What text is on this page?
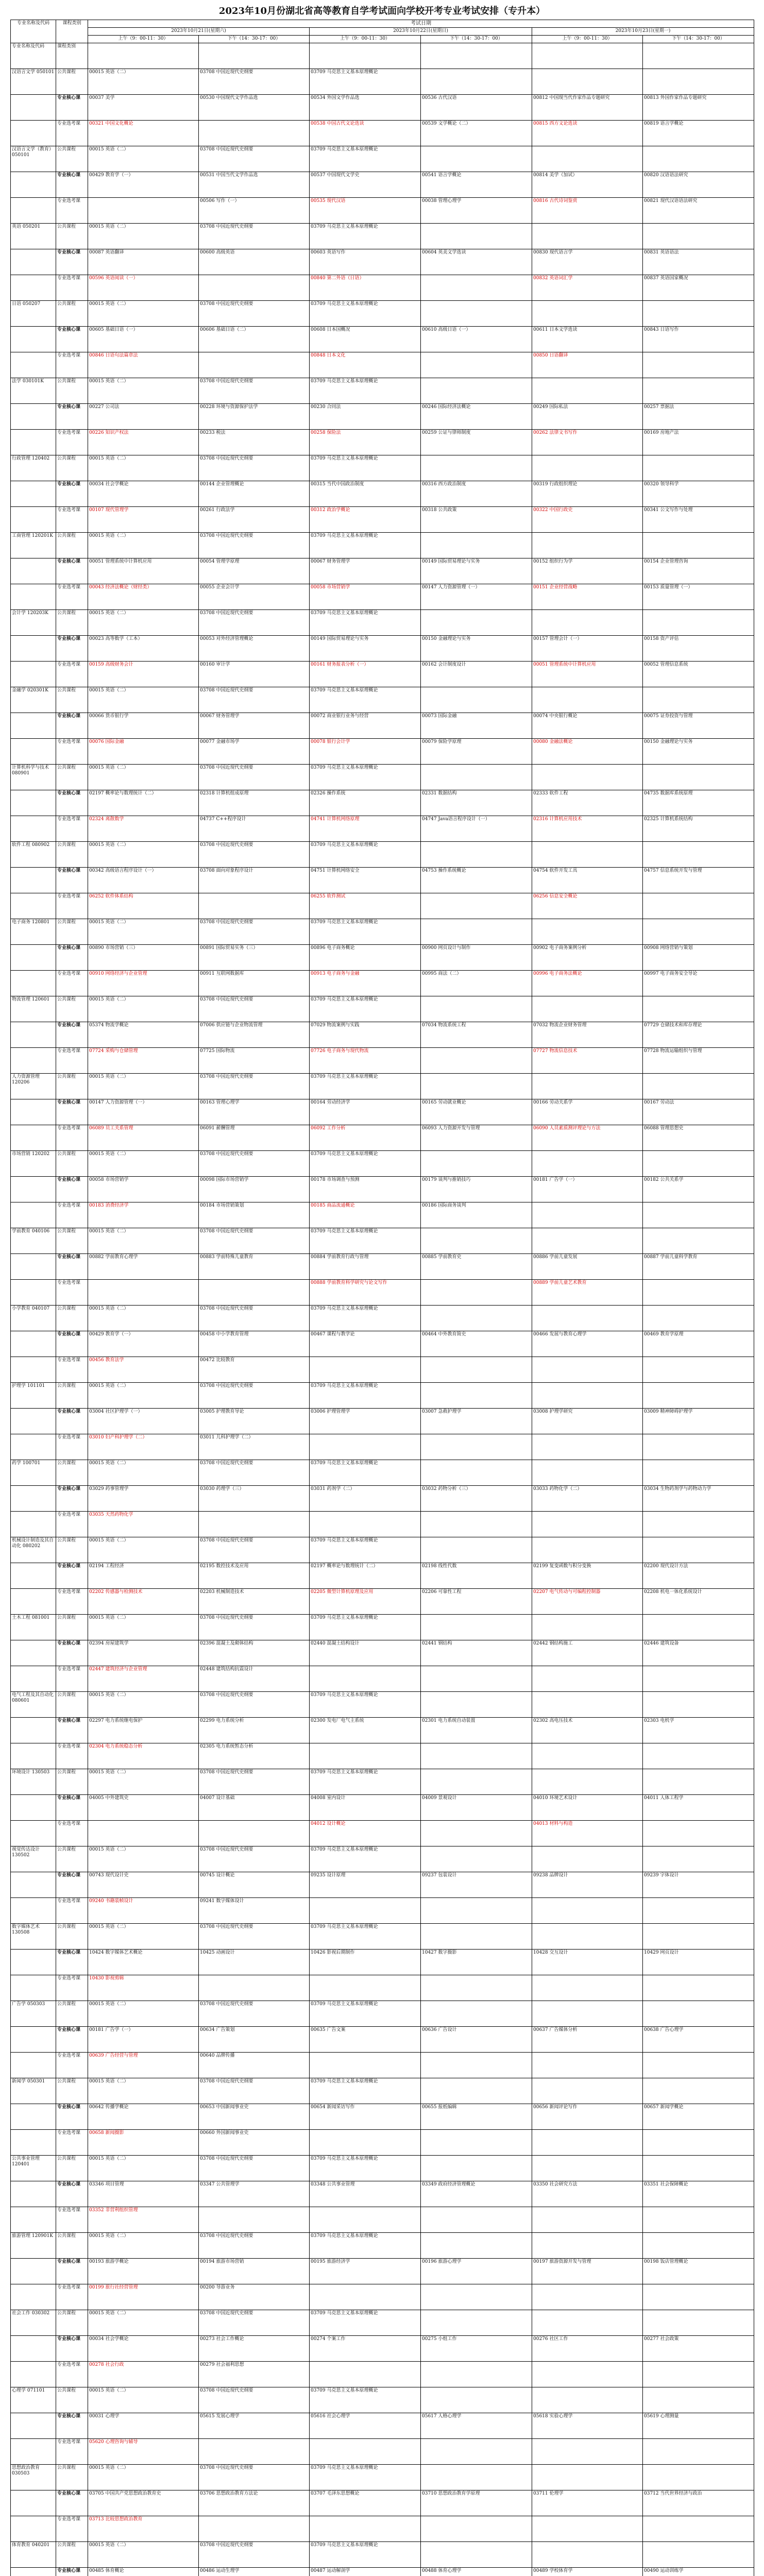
2023年10月份湖北省高等教育自学考试面向学校开考专业考试安排（专升本）
专业名称及代码	课程类别	考试日期					
		2023年10月21日(星期六)		2023年10月22日(星期日)		2023年10月23日(星期一)	
		上午（9：00-11：30）	下午（14：30-17：00）	上午（9：00-11：30）	下午（14：30-17：00）	上午（9：00-11：30）	下午（14：30-17：00）
专业名称及代码	课程类别						
汉语言文学 050101	公共课程	00015 英语（二）	03708 中国近现代史纲要	03709 马克思主义基本原理概论			
	专业核心课	00037 美学	00530 中国现代文学作品选	00534 外国文学作品选	00536 古代汉语	00812 中国现当代作家作品专题研究	00813 外国作家作品专题研究
	专业选考课	00321 中国文化概论		00538 中国古代文论选读	00539 文学概论（二）	00815 西方文论选读	00819 语言学概论
汉语言文学（教育）050101	公共课程	00015 英语（二）	03708 中国近现代史纲要	03709 马克思主义基本原理概论			
	专业核心课	00429 教育学（一）	00531 中国当代文学作品选	00537 中国现代文学史	00541 语言学概论	00814 美学（加试）	00820 汉语语法研究
	专业选考课		00506 写作（一）	00535 现代汉语	00038 管理心理学	00816 古代诗词鉴赏	00821 现代汉语语法研究
英语 050201	公共课程	00015 英语（二）	03708 中国近现代史纲要	03709 马克思主义基本原理概论			
	专业核心课	00087 英语翻译	00600 高级英语	00603 英语写作	00604 英美文学选读	00830 现代语言学	00831 英语语法
	专业选考课	00596 英语阅读（一）		00840 第二外语（日语）		00832 英语词汇学	00837 英语国家概况
日语 050207	公共课程	00015 英语（二）	03708 中国近现代史纲要	03709 马克思主义基本原理概论			
	专业核心课	00605 基础日语（一）	00606 基础日语（二）	00608 日本国概况	00610 高级日语（一）	00611 日本文学选读	00843 日语写作
	专业选考课	00846 日语句法篇章法		00848 日本文化		00850 日语翻译	
法学 030101K	公共课程	00015 英语（二）	03708 中国近现代史纲要	03709 马克思主义基本原理概论			
	专业核心课	00227 公司法	00228 环境与资源保护法学	00230 合同法	00246 国际经济法概论	00249 国际私法	00257 票据法
	专业选考课	00226 知识产权法	00233 税法	00258 保险法	00259 公证与律师制度	00262 法律文书写作	00169 房地产法
行政管理 120402	公共课程	00015 英语（二）	03708 中国近现代史纲要	03709 马克思主义基本原理概论			
	专业核心课	00034 社会学概论	00144 企业管理概论	00315 当代中国政治制度	00316 西方政治制度	00319 行政组织理论	00320 领导科学
	专业选考课	00107 现代管理学	00261 行政法学	00312 政治学概论	00318 公共政策	00322 中国行政史	00341 公文写作与处理
工商管理 120201K	公共课程	00015 英语（二）	03708 中国近现代史纲要	03709 马克思主义基本原理概论			
	专业核心课	00051 管理系统中计算机应用	00054 管理学原理	00067 财务管理学	00149 国际贸易理论与实务	00152 组织行为学	00154 企业管理咨询
	专业选考课	00043 经济法概论（财经类）	00055 企业会计学	00058 市场营销学	00147 人力资源管理（一）	00151 企业经营战略	00153 质量管理（一）
会计学 120203K	公共课程	00015 英语（二）	03708 中国近现代史纲要	03709 马克思主义基本原理概论			
	专业核心课	00023 高等数学（工本）	00053 对外经济管理概论	00149 国际贸易理论与实务	00150 金融理论与实务	00157 管理会计（一）	00158 资产评估
	专业选考课	00159 高级财务会计	00160 审计学	00161 财务报表分析（一）	00162 会计制度设计	00051 管理系统中计算机应用	00052 管理信息系统
金融学 020301K	公共课程	00015 英语（二）	03708 中国近现代史纲要	03709 马克思主义基本原理概论			
	专业核心课	00066 货币银行学	00067 财务管理学	00072 商业银行业务与经营	00073 国际金融	00074 中央银行概论	00075 证券投资与管理
	专业选考课	00076 国际金融	00077 金融市场学	00078 银行会计学	00079 保险学原理	00080 金融法概论	00150 金融理论与实务
计算机科学与技术 080901	公共课程	00015 英语（二）	03708 中国近现代史纲要	03709 马克思主义基本原理概论			
	专业核心课	02197 概率论与数理统计（二）	02318 计算机组成原理	02326 操作系统	02331 数据结构	02333 软件工程	04735 数据库系统原理
	专业选考课	02324 离散数学	04737 C++程序设计	04741 计算机网络原理	04747 Java语言程序设计（一）	02316 计算机应用技术	02325 计算机系统结构
软件工程 080902	公共课程	00015 英语（二）	03708 中国近现代史纲要	03709 马克思主义基本原理概论			
	专业核心课	00342 高级语言程序设计（一）	03708 面向对象程序设计	04751 计算机网络安全	04753 操作系统概论	04754 软件开发工具	04757 信息系统开发与管理
	专业选考课	06252 软件体系结构		06255 软件测试		06256 信息安全概论	
电子商务 120801	公共课程	00015 英语（二）	03708 中国近现代史纲要	03709 马克思主义基本原理概论			
	专业核心课	00890 市场营销（三）	00891 国际贸易实务（三）	00896 电子商务概论	00900 网页设计与制作	00902 电子商务案例分析	00908 网络营销与策划
	专业选考课	00910 网络经济与企业管理	00911 互联网数据库	00913 电子商务与金融	00995 商法（二）	00996 电子商务法概论	00997 电子商务安全导论
物流管理 120601	公共课程	00015 英语（二）	03708 中国近现代史纲要	03709 马克思主义基本原理概论			
	专业核心课	05374 物流学概论	07006 供应链与企业物流管理	07029 物流案例与实践	07034 物流系统工程	07032 物流企业财务管理	07729 仓储技术和库存理论
	专业选考课	07724 采购与仓储管理	07725 国际物流	07726 电子商务与现代物流		07727 物流信息技术	07728 物流运输组织与管理
人力资源管理 120206	公共课程	00015 英语（二）	03708 中国近现代史纲要	03709 马克思主义基本原理概论			
	专业核心课	00147 人力资源管理（一）	00163 管理心理学	00164 劳动经济学	00165 劳动就业概论	00166 劳动关系学	00167 劳动法
	专业选考课	06089 员工关系管理	06091 薪酬管理	06092 工作分析	06093 人力资源开发与管理	06090 人员素质测评理论与方法	06088 管理思想史
市场营销 120202	公共课程	00015 英语（二）	03708 中国近现代史纲要	03709 马克思主义基本原理概论			
	专业核心课	00058 市场营销学	00098 国际市场营销学	00178 市场调查与预测	00179 谈判与推销技巧	00181 广告学（一）	00182 公共关系学
	专业选考课	00183 消费经济学	00184 市场营销策划	00185 商品流通概论	00186 国际商务谈判		
学前教育 040106	公共课程	00015 英语（二）	03708 中国近现代史纲要	03709 马克思主义基本原理概论			
	专业核心课	00882 学前教育心理学	00883 学前特殊儿童教育	00884 学前教育行政与管理	00885 学前教育史	00886 学前儿童发展	00887 学前儿童科学教育
	专业选考课			00888 学前教育科学研究与论文写作		00889 学前儿童艺术教育	
小学教育 040107	公共课程	00015 英语（二）	03708 中国近现代史纲要	03709 马克思主义基本原理概论			
	专业核心课	00429 教育学（一）	00458 中小学教育管理	00467 课程与教学论	00464 中外教育简史	00466 发展与教育心理学	00469 教育学原理
	专业选考课	00456 教育法学	00472 比较教育				
护理学 101101	公共课程	00015 英语（二）	03708 中国近现代史纲要	03709 马克思主义基本原理概论			
	专业核心课	03004 社区护理学（一）	03005 护理教育导论	03006 护理管理学	03007 急救护理学	03008 护理学研究	03009 精神障碍护理学
	专业选考课	03010 妇产科护理学（二）	03011 儿科护理学（二）				
药学 100701	公共课程	00015 英语（二）	03708 中国近现代史纲要	03709 马克思主义基本原理概论			
	专业核心课	03029 药事管理学	03030 药理学（三）	03031 药剂学（二）	03032 药物分析（三）	03033 药物化学（二）	03034 生物药剂学与药物动力学
	专业选考课	03035 天然药物化学					
机械设计制造及其自动化 080202	公共课程	00015 英语（二）	03708 中国近现代史纲要	03709 马克思主义基本原理概论			
	专业核心课	02194 工程经济	02195 数控技术及应用	02197 概率论与数理统计（二）	02198 线性代数	02199 复变函数与积分变换	02200 现代设计方法
	专业选考课	02202 传感器与检测技术	02203 机械制造技术	02205 微型计算机原理及应用	02206 可靠性工程	02207 电气传动与可编程控制器	02208 机电一体化系统设计
土木工程 081001	公共课程	00015 英语（二）	03708 中国近现代史纲要	03709 马克思主义基本原理概论			
	专业核心课	02394 房屋建筑学	02396 混凝土及砌体结构	02440 混凝土结构设计	02441 钢结构	02442 钢结构施工	02446 建筑设备
	专业选考课	02447 建筑经济与企业管理	02448 建筑结构抗震设计				
电气工程及其自动化 080601	公共课程	00015 英语（二）	03708 中国近现代史纲要	03709 马克思主义基本原理概论			
	专业核心课	02297 电力系统继电保护	02299 电力系统分析	02300 发电厂电气主系统	02301 电力系统自动装置	02302 高电压技术	02303 电机学
	专业选考课	02304 电力系统稳态分析	02305 电力系统暂态分析				
环境设计 130503	公共课程	00015 英语（二）	03708 中国近现代史纲要	03709 马克思主义基本原理概论			
	专业核心课	04005 中外建筑史	04007 设计基础	04008 室内设计	04009 景观设计	04010 环境艺术设计	04011 人体工程学
	专业选考课			04012 设计概论		04013 材料与构造	
视觉传达设计 130502	公共课程	00015 英语（二）	03708 中国近现代史纲要	03709 马克思主义基本原理概论			
	专业核心课	00743 现代设计史	00745 设计概论	09235 设计原理	09237 包装设计	09238 品牌设计	09239 字体设计
	专业选考课	09240 书籍装帧设计	09241 数字媒体设计				
数字媒体艺术 130508	公共课程	00015 英语（二）	03708 中国近现代史纲要	03709 马克思主义基本原理概论			
	专业核心课	10424 数字媒体艺术概论	10425 动画设计	10426 影视后期制作	10427 数字摄影	10428 交互设计	10429 网页设计
	专业选考课	10430 影视剪辑					
广告学 050303	公共课程	00015 英语（二）	03708 中国近现代史纲要	03709 马克思主义基本原理概论			
	专业核心课	00181 广告学（一）	00634 广告策划	00635 广告文案	00636 广告设计	00637 广告媒体分析	00638 广告心理学
	专业选考课	00639 广告经营与管理	00640 品牌传播				
新闻学 050301	公共课程	00015 英语（二）	03708 中国近现代史纲要	03709 马克思主义基本原理概论			
	专业核心课	00642 传播学概论	00653 中国新闻事业史	00654 新闻采访写作	00655 报纸编辑	00656 新闻评论写作	00657 新闻学概论
	专业选考课	00658 新闻摄影	00660 外国新闻事业史				
公共事业管理 120401	公共课程	00015 英语（二）	03708 中国近现代史纲要	03709 马克思主义基本原理概论			
	专业核心课	03346 项目管理	03347 公共管理学	03348 公共事业管理	03349 政府经济管理概论	03350 社会研究方法	03351 社会保障概论
	专业选考课	03352 非营利组织管理					
旅游管理 120901K	公共课程	00015 英语（二）	03708 中国近现代史纲要	03709 马克思主义基本原理概论			
	专业核心课	00193 旅游学概论	00194 旅游市场营销	00195 旅游经济学	00196 旅游心理学	00197 旅游资源开发与管理	00198 饭店管理概论
	专业选考课	00199 旅行社经营管理	00200 导游业务				
社会工作 030302	公共课程	00015 英语（二）	03708 中国近现代史纲要	03709 马克思主义基本原理概论			
	专业核心课	00034 社会学概论	00273 社会工作概论	00274 个案工作	00275 小组工作	00276 社区工作	00277 社会政策
	专业选考课	00278 社会行政	00279 社会福利思想				
心理学 071101	公共课程	00015 英语（二）	03708 中国近现代史纲要	03709 马克思主义基本原理概论			
	专业核心课	00031 心理学	05615 发展心理学	05616 社会心理学	05617 人格心理学	05618 实验心理学	05619 心理测量
	专业选考课	05620 心理咨询与辅导					
思想政治教育 030503	公共课程	00015 英语（二）	03708 中国近现代史纲要	03709 马克思主义基本原理概论			
	专业核心课	03705 中国共产党思想政治教育史	03706 思想政治教育方法论	03707 毛泽东思想概论	03710 思想政治教育学原理	03711 伦理学	03712 当代世界经济与政治
	专业选考课	03713 比较思想政治教育					
体育教育 040201	公共课程	00015 英语（二）	03708 中国近现代史纲要	03709 马克思主义基本原理概论			
	专业核心课	00485 体育概论	00486 运动生理学	00487 运动解剖学	00488 体育心理学	00489 学校体育学	00490 运动训练学
